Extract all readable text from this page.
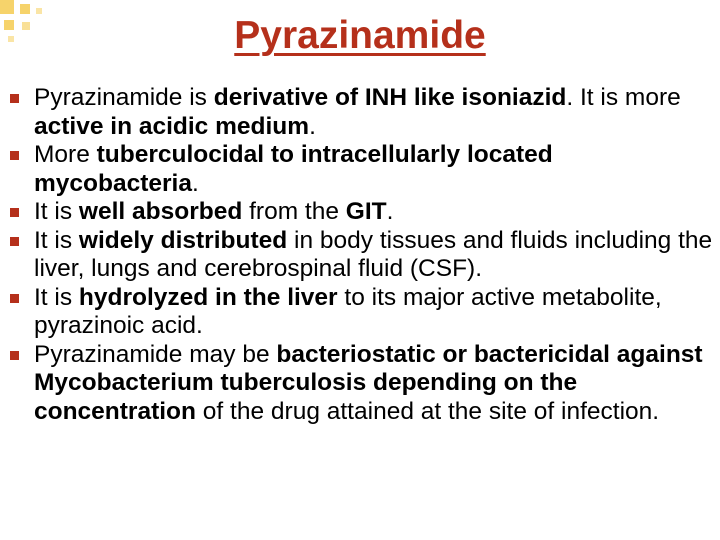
Pyrazinamide
Pyrazinamide is derivative of INH like isoniazid. It is more active in acidic medium.
More tuberculocidal to intracellularly located mycobacteria.
It is well absorbed from the GIT.
It is widely distributed in body tissues and fluids including the liver, lungs and cerebrospinal fluid (CSF).
It is hydrolyzed in the liver to its major active metabolite, pyrazinoic acid.
Pyrazinamide may be bacteriostatic or bactericidal against Mycobacterium tuberculosis depending on the concentration of the drug attained at the site of infection.
